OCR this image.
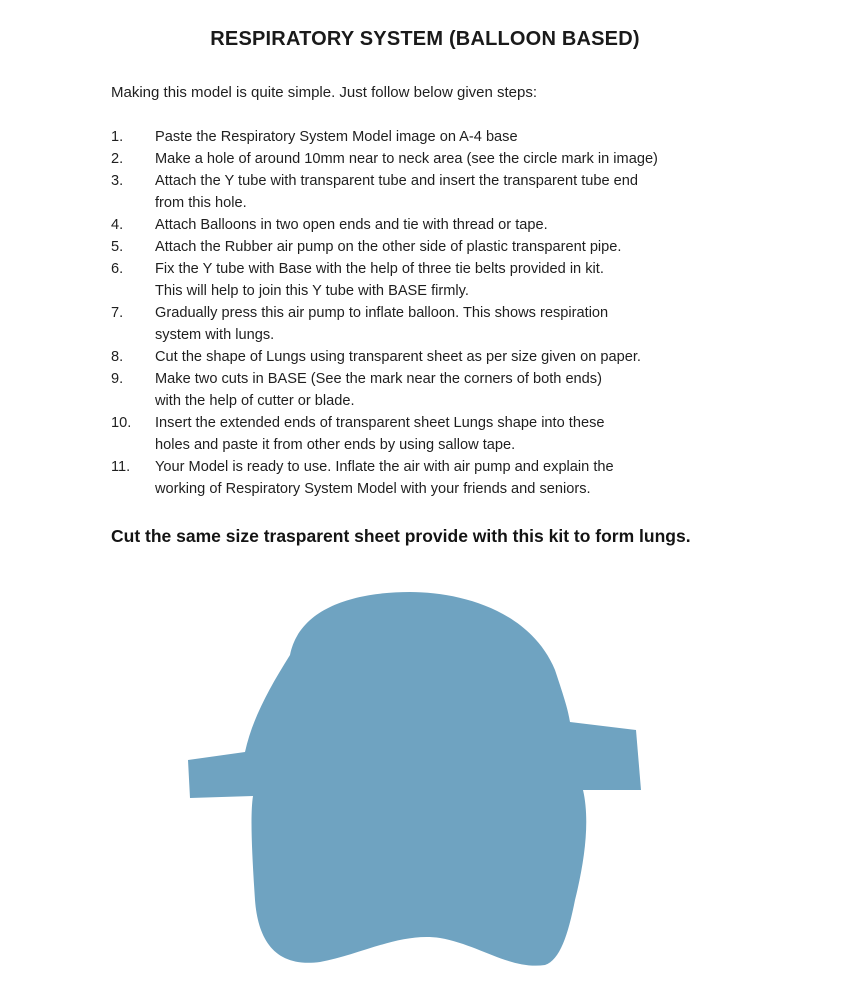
RESPIRATORY SYSTEM (BALLOON BASED)
Making this model is quite simple. Just follow below given steps:
1.	Paste the Respiratory System Model image on A-4 base
2.	Make a hole of around 10mm near to neck area (see the circle mark in image)
3.	Attach the Y tube with transparent tube and insert the transparent tube end
from this hole.
4.	Attach Balloons in two open ends and tie with thread or tape.
5.	Attach the Rubber air pump on the other side of plastic transparent pipe.
6.	Fix the Y tube with Base with the help of three tie belts provided in kit.
This will help to join this Y tube with BASE firmly.
7.	Gradually press this air pump to inflate balloon. This shows respiration
system with lungs.
8.	Cut the shape of Lungs using transparent sheet as per size given on paper.
9.	Make two cuts in BASE (See the mark near the corners of both ends)
with the help of cutter or blade.
10.	Insert the extended ends of transparent sheet Lungs shape into these
holes and paste it from other ends by using sallow tape.
11.	Your Model is ready to use. Inflate the air with air pump and explain the
working of Respiratory System Model with your friends and seniors.
Cut the same size trasparent sheet provide with this kit to form lungs.
